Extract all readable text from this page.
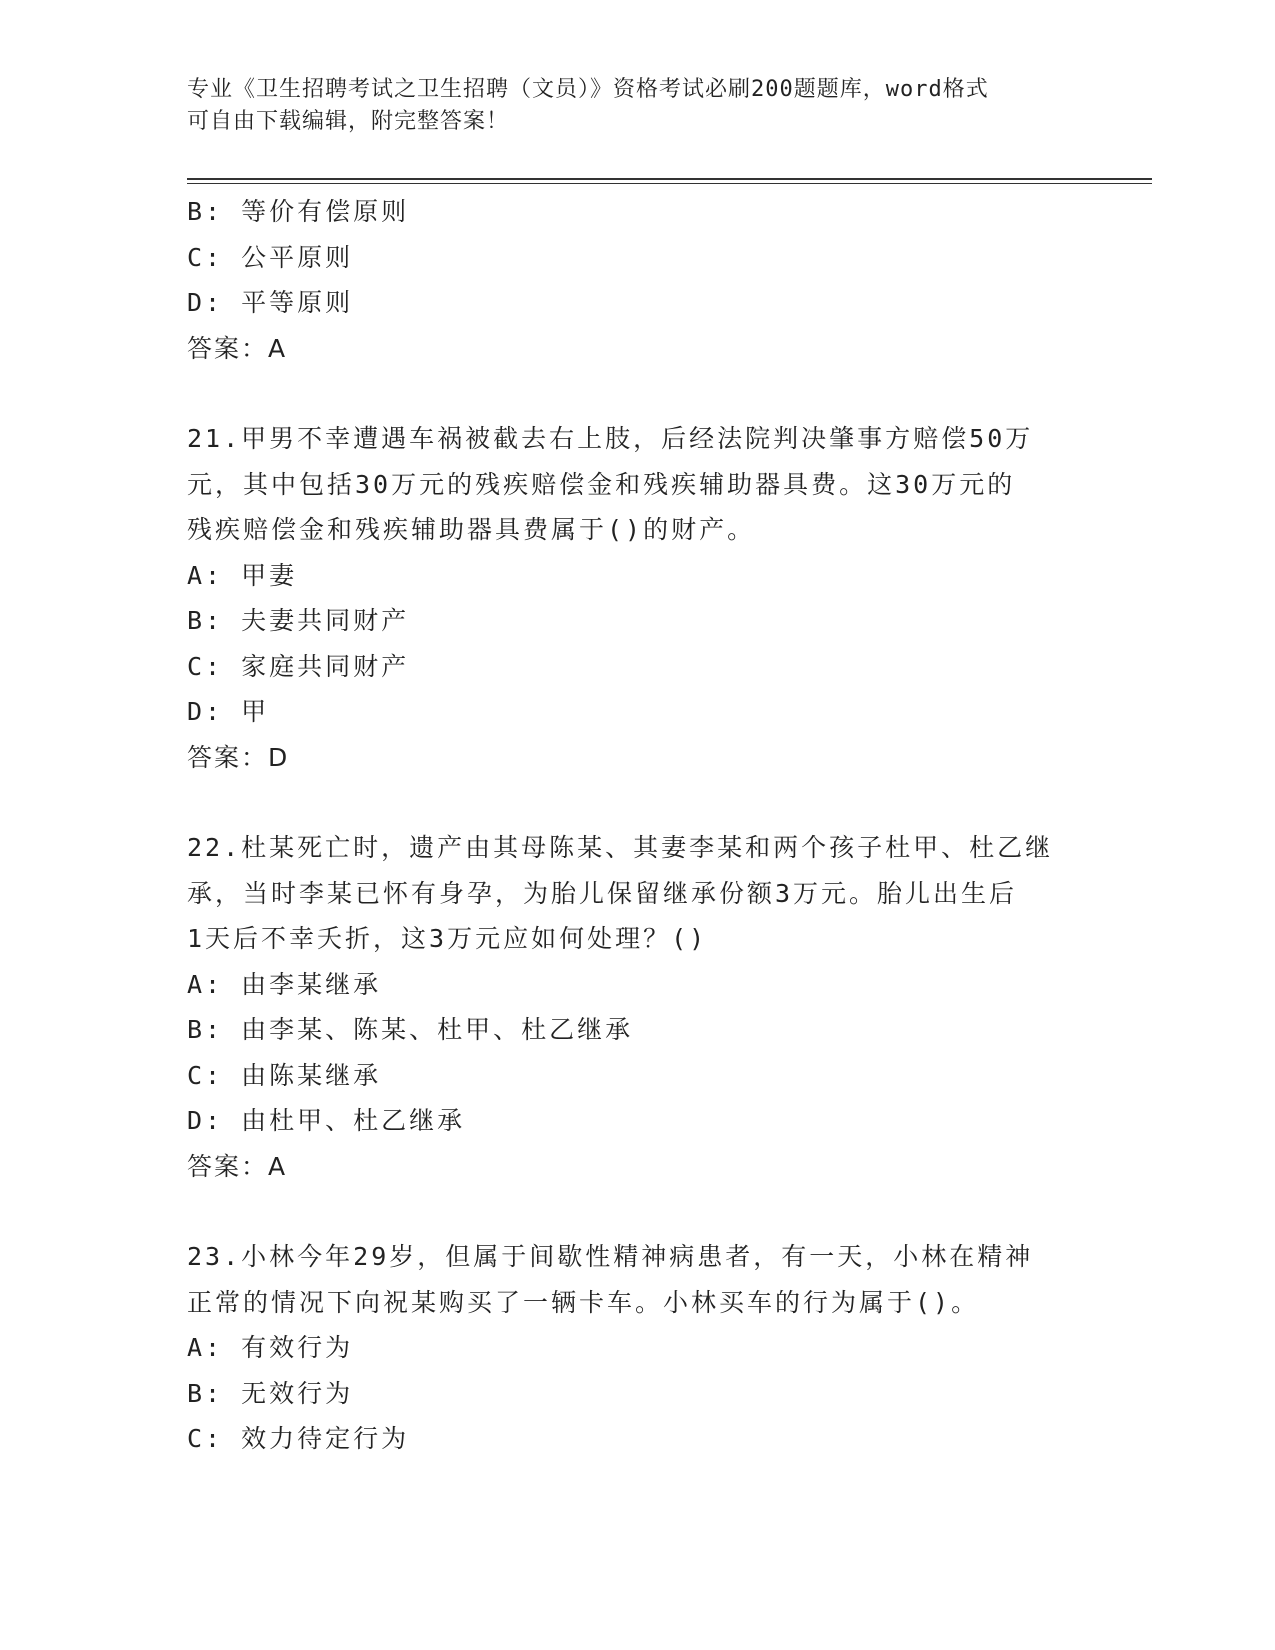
专业《卫生招聘考试之卫生招聘（文员）》资格考试必刷200题题库，word格式
可自由下载编辑，附完整答案！
B: 等价有偿原则
C: 公平原则
D: 平等原则
答案：A
21.甲男不幸遭遇车祸被截去右上肢，后经法院判决肇事方赔偿50万
元，其中包括30万元的残疾赔偿金和残疾辅助器具费。这30万元的
残疾赔偿金和残疾辅助器具费属于()的财产。
A: 甲妻
B: 夫妻共同财产
C: 家庭共同财产
D: 甲
答案：D
22.杜某死亡时，遗产由其母陈某、其妻李某和两个孩子杜甲、杜乙继
承，当时李某已怀有身孕，为胎儿保留继承份额3万元。胎儿出生后
1天后不幸夭折，这3万元应如何处理？()
A: 由李某继承
B: 由李某、陈某、杜甲、杜乙继承
C: 由陈某继承
D: 由杜甲、杜乙继承
答案：A
23.小林今年29岁，但属于间歇性精神病患者，有一天，小林在精神
正常的情况下向祝某购买了一辆卡车。小林买车的行为属于()。
A: 有效行为
B: 无效行为
C: 效力待定行为
